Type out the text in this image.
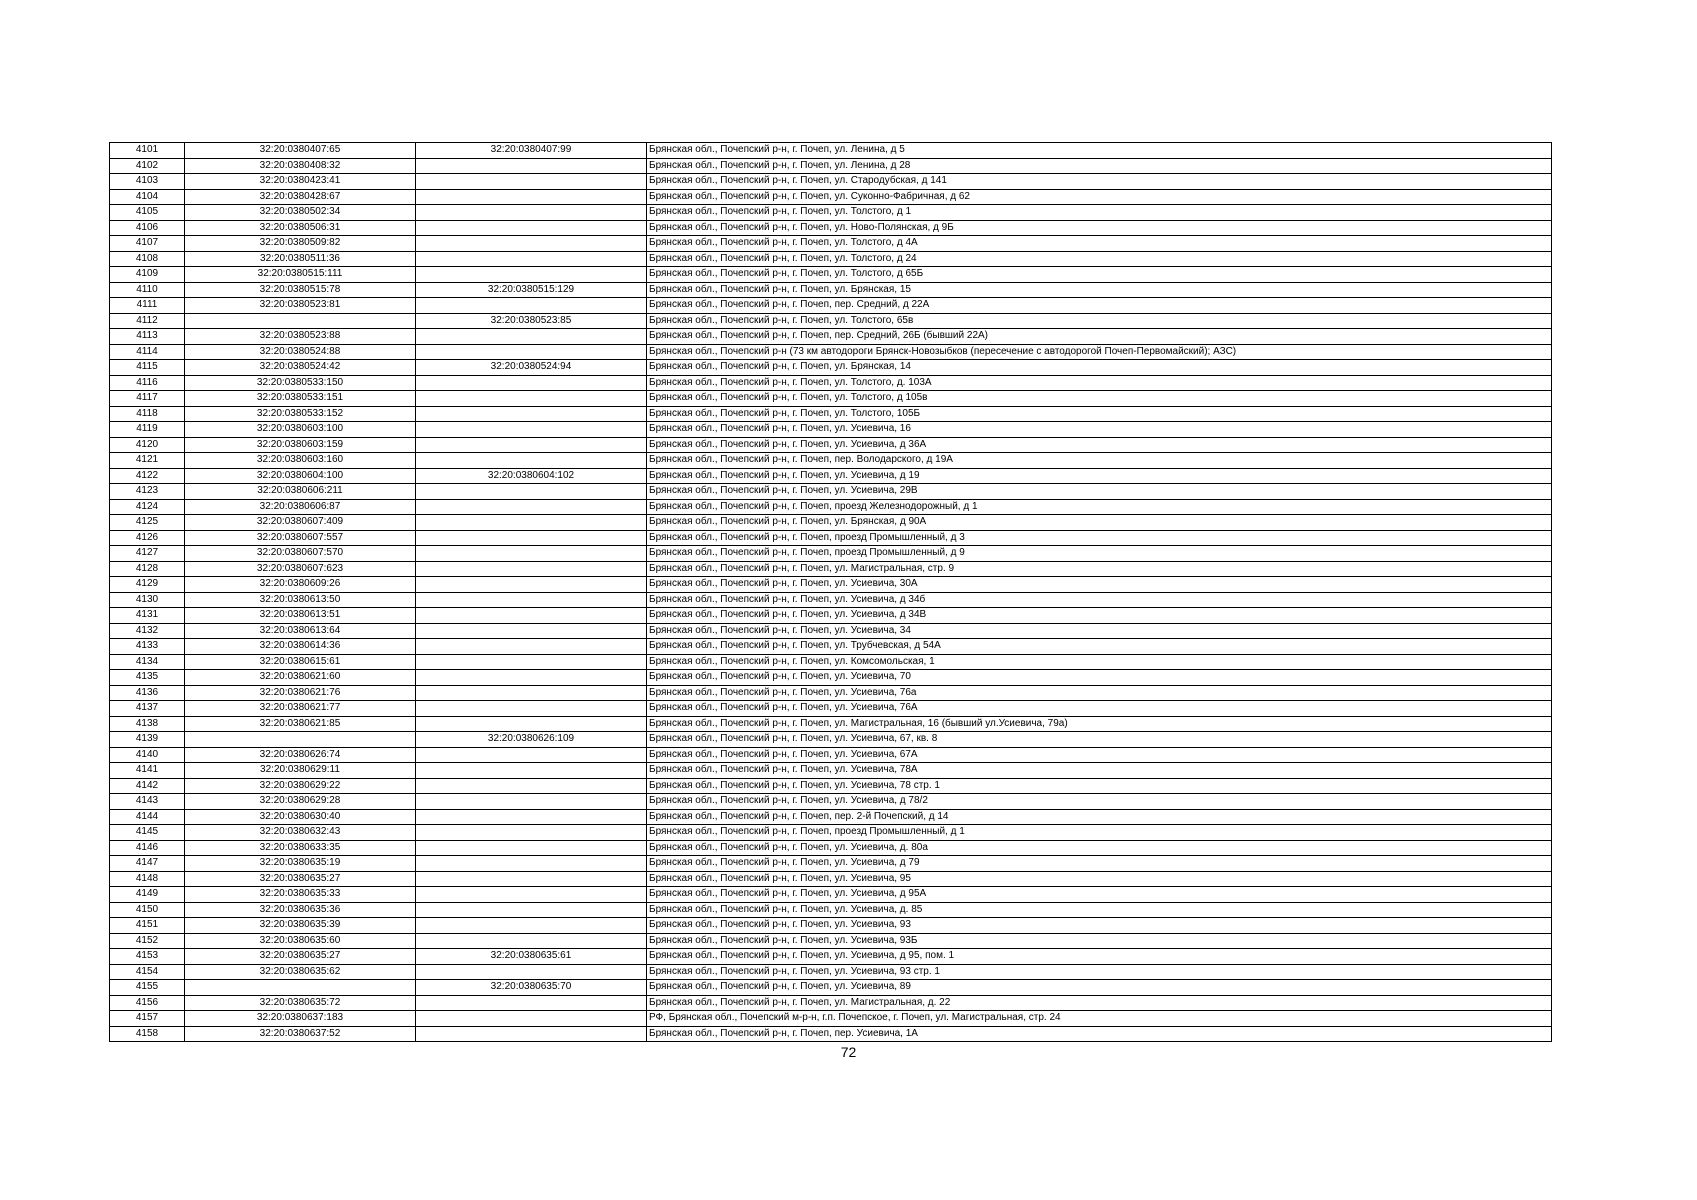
4101	32:20:0380407:65	32:20:0380407:99	Брянская обл., Почепский р-н, г. Почеп, ул. Ленина, д 5
4102	32:20:0380408:32		Брянская обл., Почепский р-н, г. Почеп, ул. Ленина, д 28
4103	32:20:0380423:41		Брянская обл., Почепский р-н, г. Почеп, ул. Стародубская, д 141
4104	32:20:0380428:67		Брянская обл., Почепский р-н, г. Почеп, ул. Суконно-Фабричная, д 62
4105	32:20:0380502:34		Брянская обл., Почепский р-н, г. Почеп, ул. Толстого, д 1
4106	32:20:0380506:31		Брянская обл., Почепский р-н, г. Почеп, ул. Ново-Полянская, д 9Б
4107	32:20:0380509:82		Брянская обл., Почепский р-н, г. Почеп, ул. Толстого, д 4А
4108	32:20:0380511:36		Брянская обл., Почепский р-н, г. Почеп, ул. Толстого, д 24
4109	32:20:0380515:111		Брянская обл., Почепский р-н, г. Почеп, ул. Толстого, д 65Б
4110	32:20:0380515:78	32:20:0380515:129	Брянская обл., Почепский р-н, г. Почеп, ул. Брянская, 15
4111	32:20:0380523:81		Брянская обл., Почепский р-н, г. Почеп, пер. Средний, д 22А
4112		32:20:0380523:85	Брянская обл., Почепский р-н, г. Почеп, ул. Толстого, 65в
4113	32:20:0380523:88		Брянская обл., Почепский р-н, г. Почеп, пер. Средний, 26Б (бывший 22А)
4114	32:20:0380524:88		Брянская обл., Почепский р-н (73 км автодороги Брянск-Новозыбков (пересечение с автодорогой Почеп-Первомайский); АЗС)
4115	32:20:0380524:42	32:20:0380524:94	Брянская обл., Почепский р-н, г. Почеп, ул. Брянская, 14
4116	32:20:0380533:150		Брянская обл., Почепский р-н, г. Почеп, ул. Толстого, д. 103А
4117	32:20:0380533:151		Брянская обл., Почепский р-н, г. Почеп, ул. Толстого, д 105в
4118	32:20:0380533:152		Брянская обл., Почепский р-н, г. Почеп, ул. Толстого, 105Б
4119	32:20:0380603:100		Брянская обл., Почепский р-н, г. Почеп, ул. Усиевича, 16
4120	32:20:0380603:159		Брянская обл., Почепский р-н, г. Почеп, ул. Усиевича, д 36А
4121	32:20:0380603:160		Брянская обл., Почепский р-н, г. Почеп, пер. Володарского, д 19А
4122	32:20:0380604:100	32:20:0380604:102	Брянская обл., Почепский р-н, г. Почеп, ул. Усиевича, д 19
4123	32:20:0380606:211		Брянская обл., Почепский р-н, г. Почеп, ул. Усиевича, 29В
4124	32:20:0380606:87		Брянская обл., Почепский р-н, г. Почеп, проезд Железнодорожный, д 1
4125	32:20:0380607:409		Брянская обл., Почепский р-н, г. Почеп, ул. Брянская, д 90А
4126	32:20:0380607:557		Брянская обл., Почепский р-н, г. Почеп, проезд Промышленный, д 3
4127	32:20:0380607:570		Брянская обл., Почепский р-н, г. Почеп, проезд Промышленный, д 9
4128	32:20:0380607:623		Брянская обл., Почепский р-н, г. Почеп, ул. Магистральная, стр. 9
4129	32:20:0380609:26		Брянская обл., Почепский р-н, г. Почеп, ул. Усиевича, 30А
4130	32:20:0380613:50		Брянская обл., Почепский р-н, г. Почеп, ул. Усиевича, д 34б
4131	32:20:0380613:51		Брянская обл., Почепский р-н, г. Почеп, ул. Усиевича, д 34В
4132	32:20:0380613:64		Брянская обл., Почепский р-н, г. Почеп, ул. Усиевича, 34
4133	32:20:0380614:36		Брянская обл., Почепский р-н, г. Почеп, ул. Трубчевская, д 54А
4134	32:20:0380615:61		Брянская обл., Почепский р-н, г. Почеп, ул. Комсомольская, 1
4135	32:20:0380621:60		Брянская обл., Почепский р-н, г. Почеп, ул. Усиевича, 70
4136	32:20:0380621:76		Брянская обл., Почепский р-н, г. Почеп, ул. Усиевича, 76а
4137	32:20:0380621:77		Брянская обл., Почепский р-н, г. Почеп, ул. Усиевича, 76А
4138	32:20:0380621:85		Брянская обл., Почепский р-н, г. Почеп, ул. Магистральная, 16 (бывший ул.Усиевича, 79а)
4139		32:20:0380626:109	Брянская обл., Почепский р-н, г. Почеп, ул. Усиевича, 67, кв. 8
4140	32:20:0380626:74		Брянская обл., Почепский р-н, г. Почеп, ул. Усиевича, 67А
4141	32:20:0380629:11		Брянская обл., Почепский р-н, г. Почеп, ул. Усиевича, 78А
4142	32:20:0380629:22		Брянская обл., Почепский р-н, г. Почеп, ул. Усиевича, 78 стр. 1
4143	32:20:0380629:28		Брянская обл., Почепский р-н, г. Почеп, ул. Усиевича, д 78/2
4144	32:20:0380630:40		Брянская обл., Почепский р-н, г. Почеп, пер. 2-й Почепский, д 14
4145	32:20:0380632:43		Брянская обл., Почепский р-н, г. Почеп, проезд Промышленный, д 1
4146	32:20:0380633:35		Брянская обл., Почепский р-н, г. Почеп, ул. Усиевича, д. 80а
4147	32:20:0380635:19		Брянская обл., Почепский р-н, г. Почеп, ул. Усиевича, д 79
4148	32:20:0380635:27		Брянская обл., Почепский р-н, г. Почеп, ул. Усиевича, 95
4149	32:20:0380635:33		Брянская обл., Почепский р-н, г. Почеп, ул. Усиевича, д 95А
4150	32:20:0380635:36		Брянская обл., Почепский р-н, г. Почеп, ул. Усиевича, д. 85
4151	32:20:0380635:39		Брянская обл., Почепский р-н, г. Почеп, ул. Усиевича, 93
4152	32:20:0380635:60		Брянская обл., Почепский р-н, г. Почеп, ул. Усиевича, 93Б
4153	32:20:0380635:27	32:20:0380635:61	Брянская обл., Почепский р-н, г. Почеп, ул. Усиевича, д 95, пом. 1
4154	32:20:0380635:62		Брянская обл., Почепский р-н, г. Почеп, ул. Усиевича, 93 стр. 1
4155		32:20:0380635:70	Брянская обл., Почепский р-н, г. Почеп, ул. Усиевича, 89
4156	32:20:0380635:72		Брянская обл., Почепский р-н, г. Почеп, ул. Магистральная, д. 22
4157	32:20:0380637:183		РФ, Брянская обл., Почепский м-р-н, г.п. Почепское, г. Почеп, ул. Магистральная, стр. 24
4158	32:20:0380637:52		Брянская обл., Почепский р-н, г. Почеп, пер. Усиевича, 1А
72
